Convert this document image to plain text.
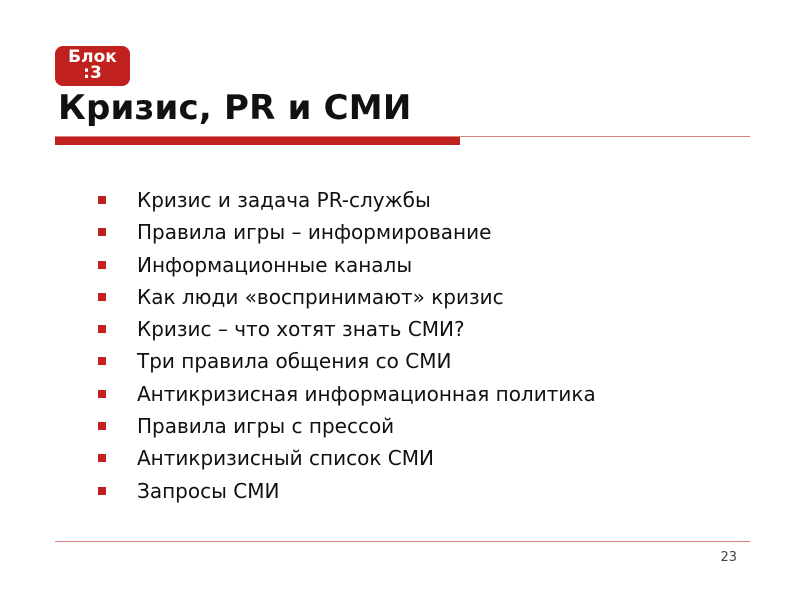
Блок :3
Кризис, PR и СМИ
Кризис и задача PR-службы
Правила игры – информирование
Информационные каналы
Как люди «воспринимают» кризис
Кризис – что хотят знать СМИ?
Три правила общения со СМИ
Антикризисная информационная политика
Правила игры с прессой
Антикризисный список СМИ
Запросы СМИ
23
